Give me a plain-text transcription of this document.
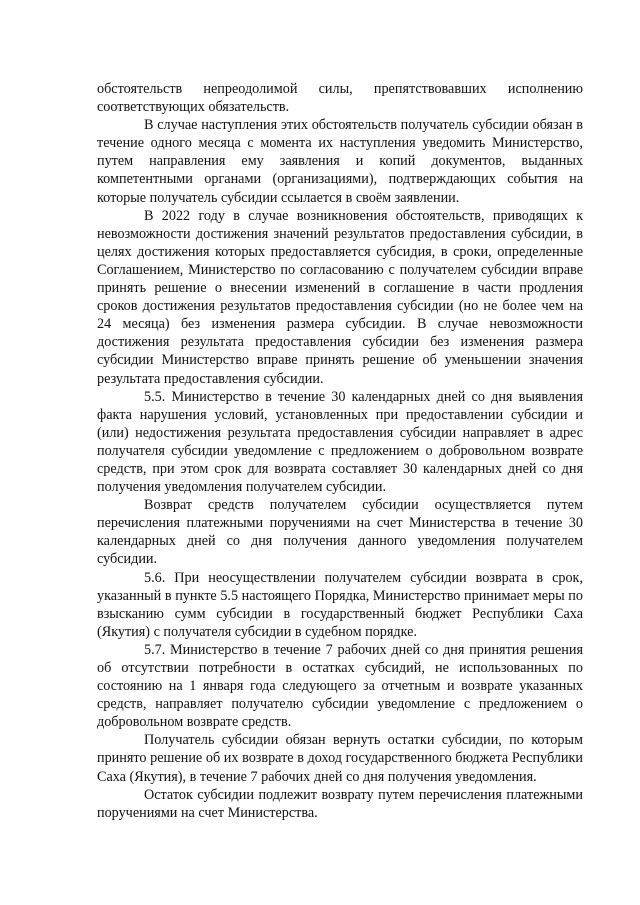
обстоятельств непреодолимой силы, препятствовавших исполнению соответствующих обязательств.

В случае наступления этих обстоятельств получатель субсидии обязан в течение одного месяца с момента их наступления уведомить Министерство, путем направления ему заявления и копий документов, выданных компетентными органами (организациями), подтверждающих события на которые получатель субсидии ссылается в своём заявлении.

В 2022 году в случае возникновения обстоятельств, приводящих к невозможности достижения значений результатов предоставления субсидии, в целях достижения которых предоставляется субсидия, в сроки, определенные Соглашением, Министерство по согласованию с получателем субсидии вправе принять решение о внесении изменений в соглашение в части продления сроков достижения результатов предоставления субсидии (но не более чем на 24 месяца) без изменения размера субсидии. В случае невозможности достижения результата предоставления субсидии без изменения размера субсидии Министерство вправе принять решение об уменьшении значения результата предоставления субсидии.

5.5. Министерство в течение 30 календарных дней со дня выявления факта нарушения условий, установленных при предоставлении субсидии и (или) недостижения результата предоставления субсидии направляет в адрес получателя субсидии уведомление с предложением о добровольном возврате средств, при этом срок для возврата составляет 30 календарных дней со дня получения уведомления получателем субсидии.

Возврат средств получателем субсидии осуществляется путем перечисления платежными поручениями на счет Министерства в течение 30 календарных дней со дня получения данного уведомления получателем субсидии.

5.6. При неосуществлении получателем субсидии возврата в срок, указанный в пункте 5.5 настоящего Порядка, Министерство принимает меры по взысканию сумм субсидии в государственный бюджет Республики Саха (Якутия) с получателя субсидии в судебном порядке.

5.7. Министерство в течение 7 рабочих дней со дня принятия решения об отсутствии потребности в остатках субсидий, не использованных по состоянию на 1 января года следующего за отчетным и возврате указанных средств, направляет получателю субсидии уведомление с предложением о добровольном возврате средств.

Получатель субсидии обязан вернуть остатки субсидии, по которым принято решение об их возврате в доход государственного бюджета Республики Саха (Якутия), в течение 7 рабочих дней со дня получения уведомления.

Остаток субсидии подлежит возврату путем перечисления платежными поручениями на счет Министерства.
